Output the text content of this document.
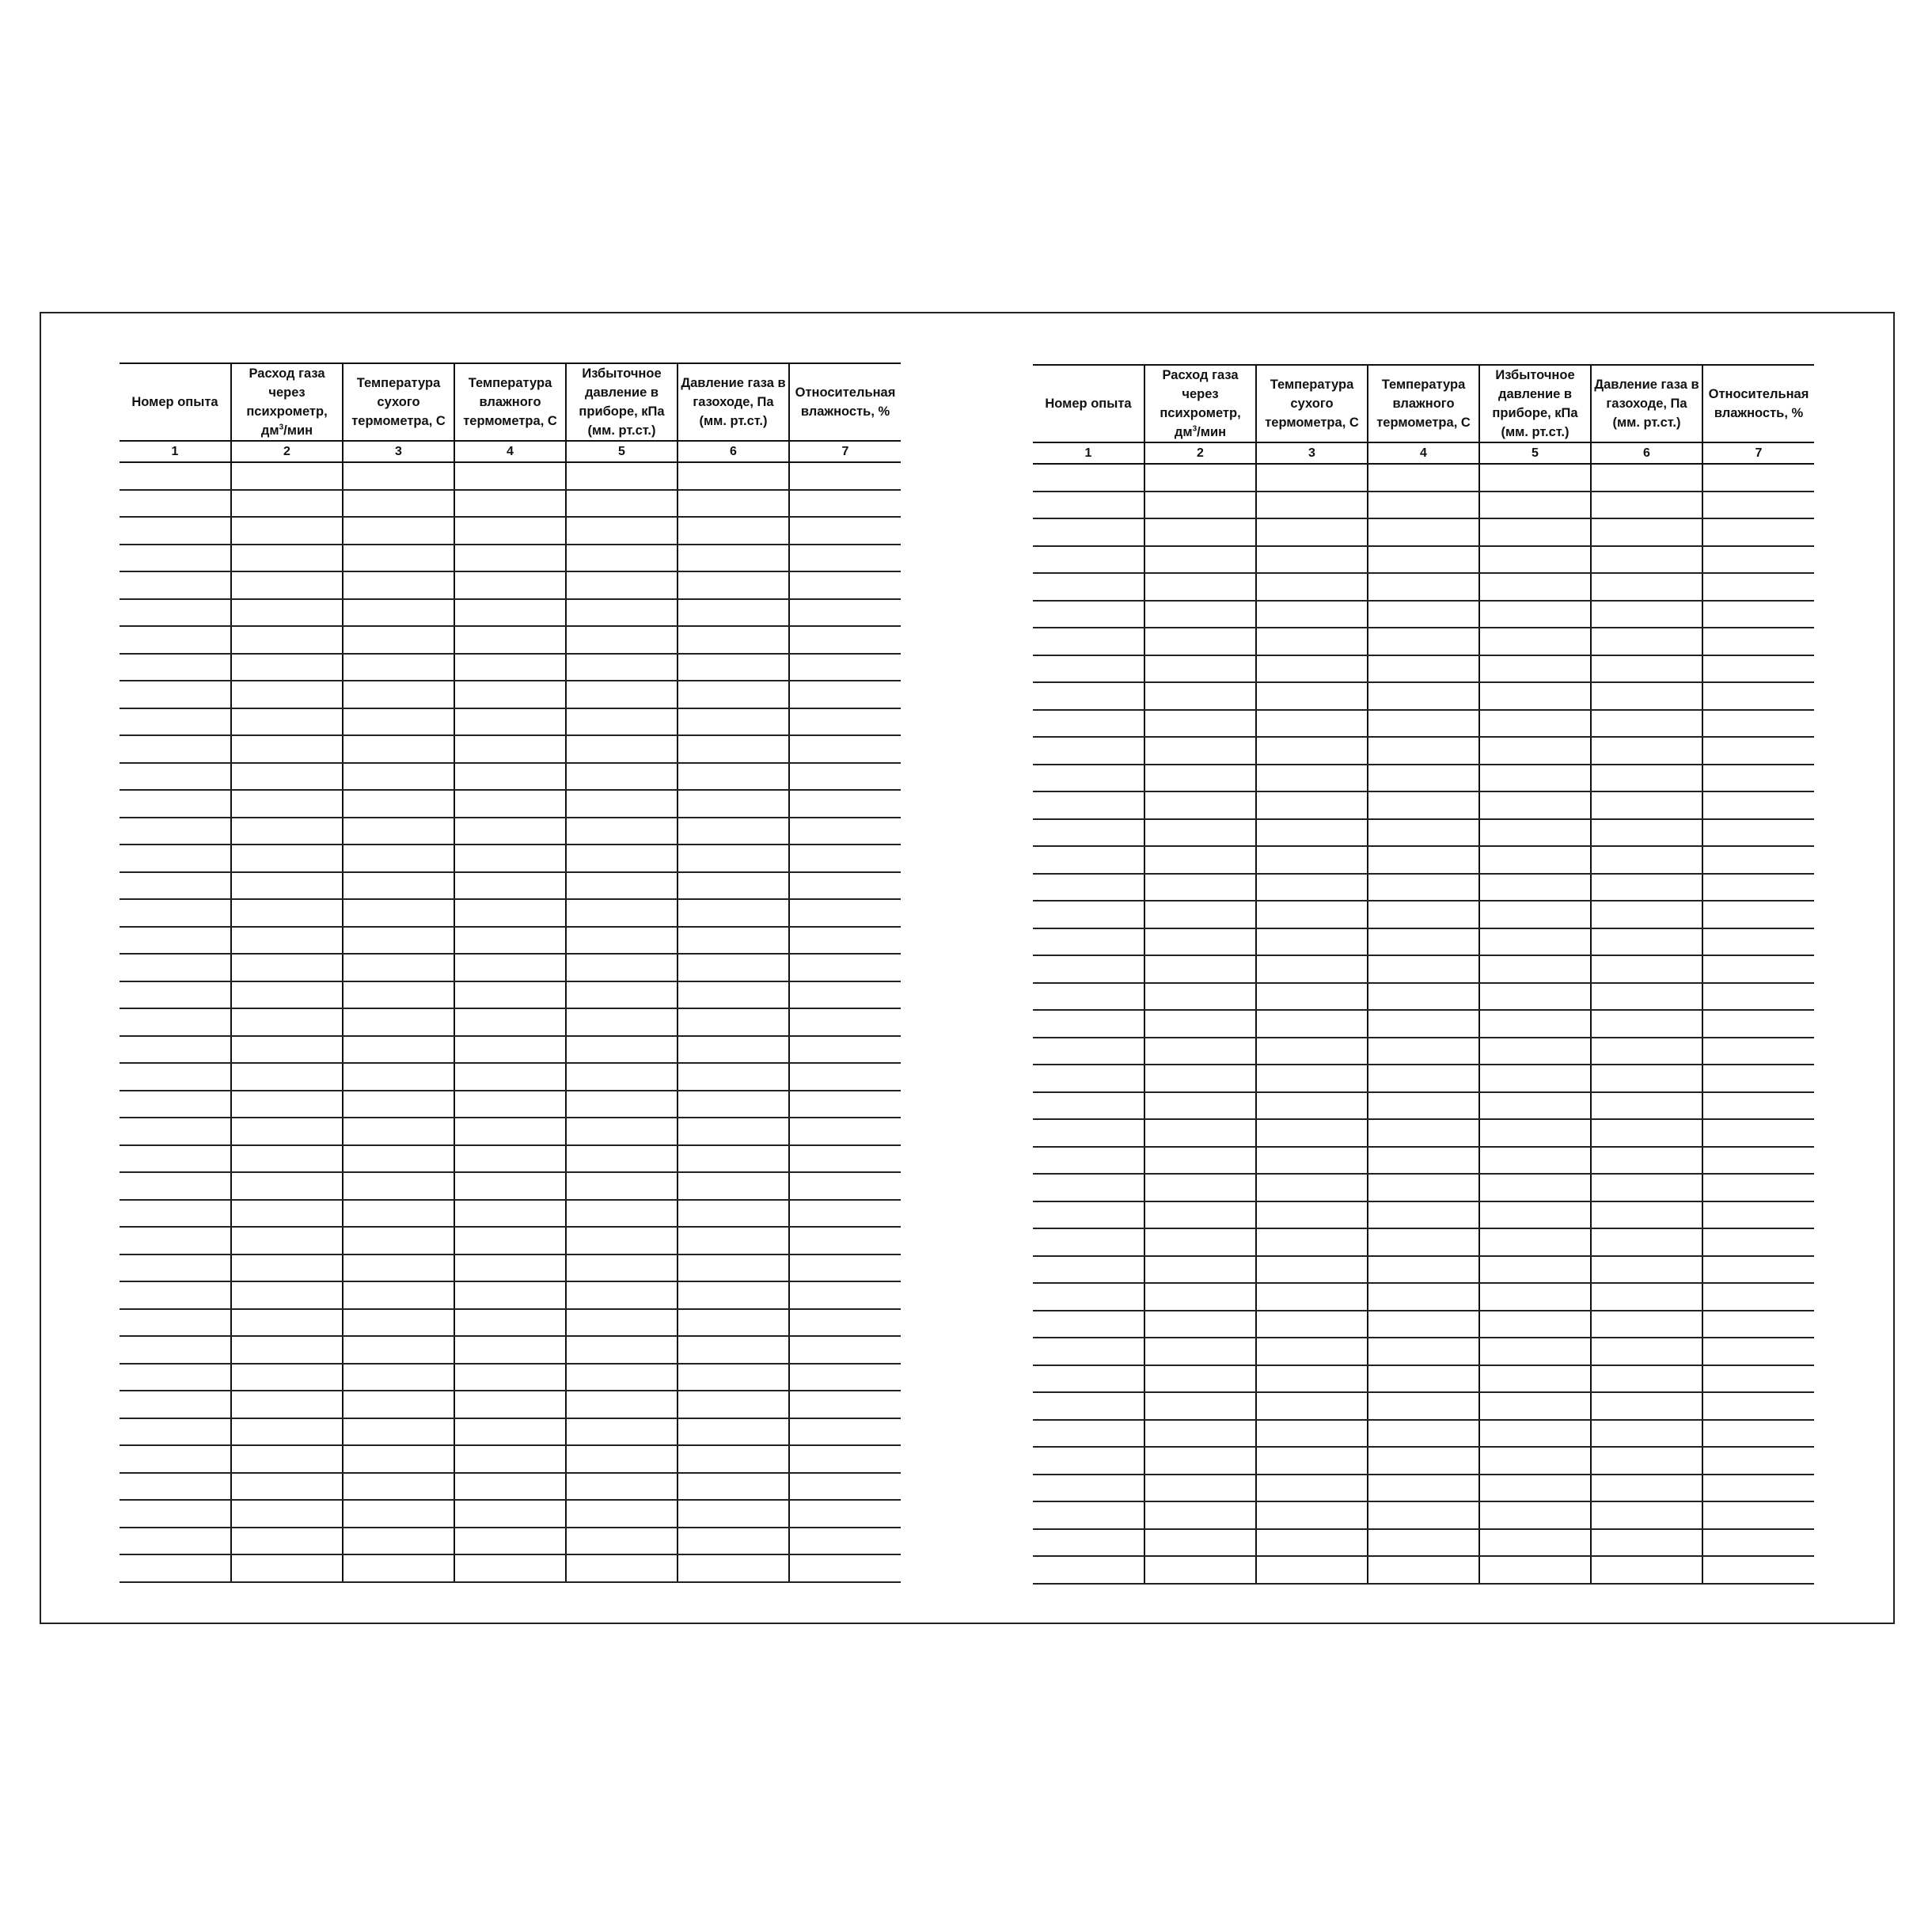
Номер опыта	Расход газа через психрометр, $дм^3$/мин	Температура сухого термометра, С	Температура влажного термометра, С	Избыточное давление в приборе, кПа (мм. рт.ст.)	Давление газа в газоходе, Па (мм. рт.ст.)	Относительная влажность, %
1	2	3	4	5	6	7

Номер опыта	Расход газа через психрометр, $дм^3$/мин	Температура сухого термометра, С	Температура влажного термометра, С	Избыточное давление в приборе, кПа (мм. рт.ст.)	Давление газа в газоходе, Па (мм. рт.ст.)	Относительная влажность, %
1	2	3	4	5	6	7
